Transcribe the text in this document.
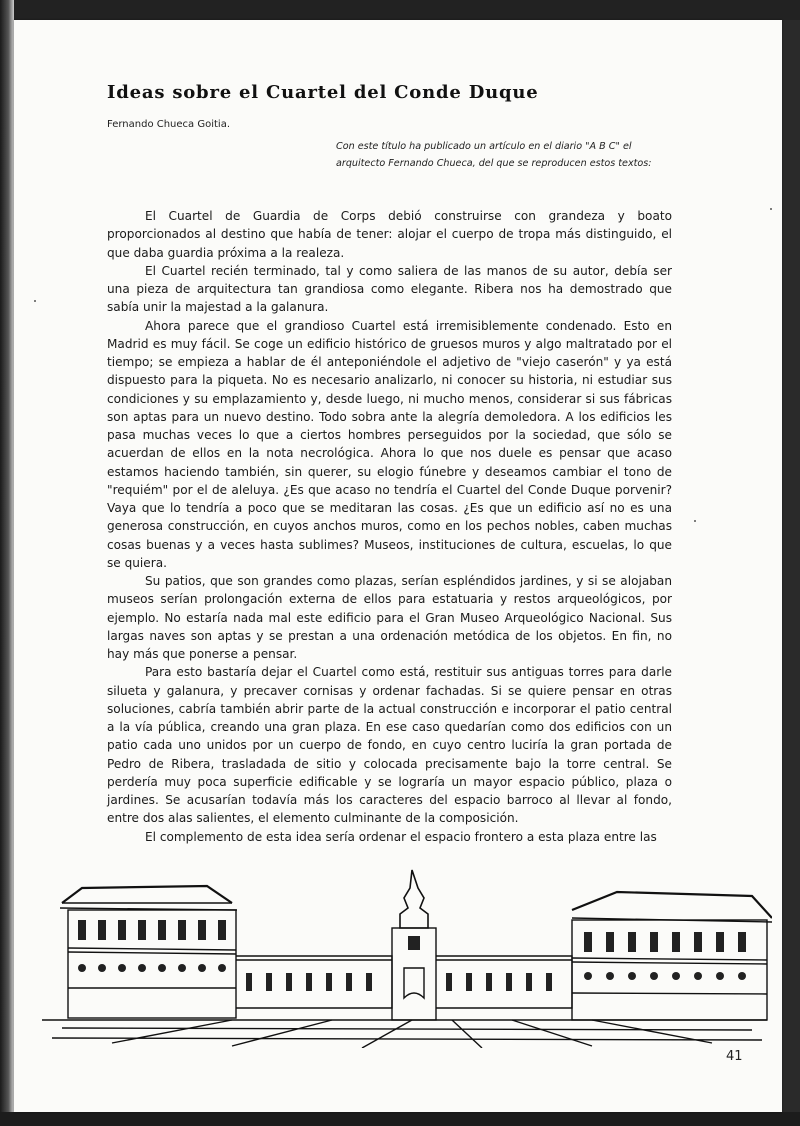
Ideas sobre el Cuartel del Conde Duque
Fernando Chueca Goitia.

Con este título ha publicado un artículo en el diario "A B C" el arquitecto Fernando Chueca, del que se reproducen estos textos:

El Cuartel de Guardia de Corps debió construirse con grandeza y boato proporcionados al destino que había de tener: alojar el cuerpo de tropa más distinguido, el que daba guardia próxima a la realeza.

El Cuartel recién terminado, tal y como saliera de las manos de su autor, debía ser una pieza de arquitectura tan grandiosa como elegante. Ribera nos ha demostrado que sabía unir la majestad a la galanura.

Ahora parece que el grandioso Cuartel está irremisiblemente condenado. Esto en Madrid es muy fácil. Se coge un edificio histórico de gruesos muros y algo maltratado por el tiempo; se empieza a hablar de él anteponiéndole el adjetivo de "viejo caserón" y ya está dispuesto para la piqueta. No es necesario analizarlo, ni conocer su historia, ni estudiar sus condiciones y su emplazamiento y, desde luego, ni mucho menos, considerar si sus fábricas son aptas para un nuevo destino. Todo sobra ante la alegría demoledora. A los edificios les pasa muchas veces lo que a ciertos hombres perseguidos por la sociedad, que sólo se acuerdan de ellos en la nota necrológica. Ahora lo que nos duele es pensar que acaso estamos haciendo también, sin querer, su elogio fúnebre y deseamos cambiar el tono de "requiém" por el de aleluya. ¿Es que acaso no tendría el Cuartel del Conde Duque porvenir? Vaya que lo tendría a poco que se meditaran las cosas. ¿Es que un edificio así no es una generosa construcción, en cuyos anchos muros, como en los pechos nobles, caben muchas cosas buenas y a veces hasta sublimes? Museos, instituciones de cultura, escuelas, lo que se quiera.

Su patios, que son grandes como plazas, serían espléndidos jardines, y si se alojaban museos serían prolongación externa de ellos para estatuaria y restos arqueológicos, por ejemplo. No estaría nada mal este edificio para el Gran Museo Arqueológico Nacional. Sus largas naves son aptas y se prestan a una ordenación metódica de los objetos. En fin, no hay más que ponerse a pensar.

Para esto bastaría dejar el Cuartel como está, restituir sus antiguas torres para darle silueta y galanura, y precaver cornisas y ordenar fachadas. Si se quiere pensar en otras soluciones, cabría también abrir parte de la actual construcción e incorporar el patio central a la vía pública, creando una gran plaza. En ese caso quedarían como dos edificios con un patio cada uno unidos por un cuerpo de fondo, en cuyo centro luciría la gran portada de Pedro de Ribera, trasladada de sitio y colocada precisamente bajo la torre central. Se perdería muy poca superficie edificable y se lograría un mayor espacio público, plaza o jardines. Se acusarían todavía más los caracteres del espacio barroco al llevar al fondo, entre dos alas salientes, el elemento culminante de la composición.

El complemento de esta idea sería ordenar el espacio frontero a esta plaza entre las

41
